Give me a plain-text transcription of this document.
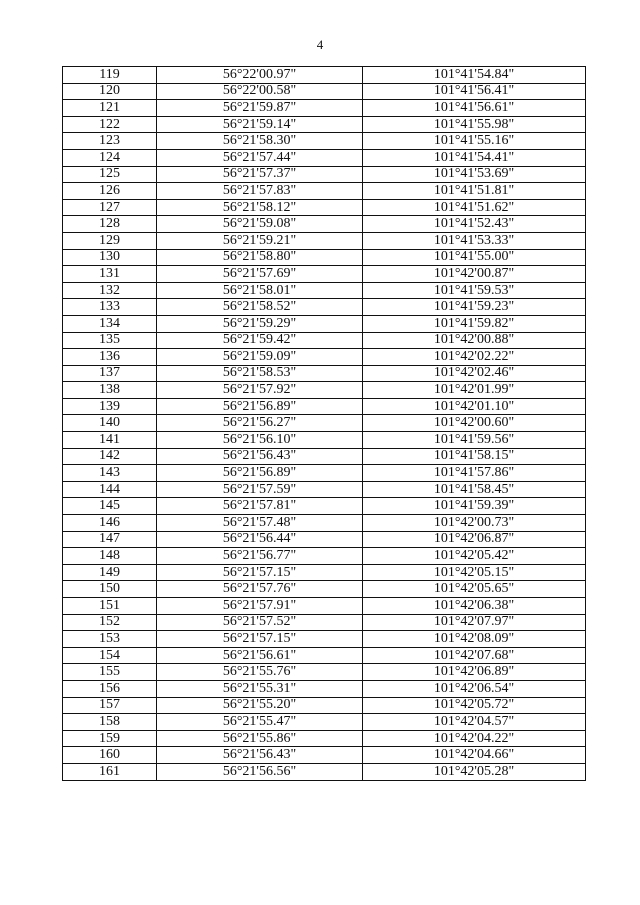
4
119	56°22'00.97"	101°41'54.84"
120	56°22'00.58"	101°41'56.41"
121	56°21'59.87"	101°41'56.61"
122	56°21'59.14"	101°41'55.98"
123	56°21'58.30"	101°41'55.16"
124	56°21'57.44"	101°41'54.41"
125	56°21'57.37"	101°41'53.69"
126	56°21'57.83"	101°41'51.81"
127	56°21'58.12"	101°41'51.62"
128	56°21'59.08"	101°41'52.43"
129	56°21'59.21"	101°41'53.33"
130	56°21'58.80"	101°41'55.00"
131	56°21'57.69"	101°42'00.87"
132	56°21'58.01"	101°41'59.53"
133	56°21'58.52"	101°41'59.23"
134	56°21'59.29"	101°41'59.82"
135	56°21'59.42"	101°42'00.88"
136	56°21'59.09"	101°42'02.22"
137	56°21'58.53"	101°42'02.46"
138	56°21'57.92"	101°42'01.99"
139	56°21'56.89"	101°42'01.10"
140	56°21'56.27"	101°42'00.60"
141	56°21'56.10"	101°41'59.56"
142	56°21'56.43"	101°41'58.15"
143	56°21'56.89"	101°41'57.86"
144	56°21'57.59"	101°41'58.45"
145	56°21'57.81"	101°41'59.39"
146	56°21'57.48"	101°42'00.73"
147	56°21'56.44"	101°42'06.87"
148	56°21'56.77"	101°42'05.42"
149	56°21'57.15"	101°42'05.15"
150	56°21'57.76"	101°42'05.65"
151	56°21'57.91"	101°42'06.38"
152	56°21'57.52"	101°42'07.97"
153	56°21'57.15"	101°42'08.09"
154	56°21'56.61"	101°42'07.68"
155	56°21'55.76"	101°42'06.89"
156	56°21'55.31"	101°42'06.54"
157	56°21'55.20"	101°42'05.72"
158	56°21'55.47"	101°42'04.57"
159	56°21'55.86"	101°42'04.22"
160	56°21'56.43"	101°42'04.66"
161	56°21'56.56"	101°42'05.28"
